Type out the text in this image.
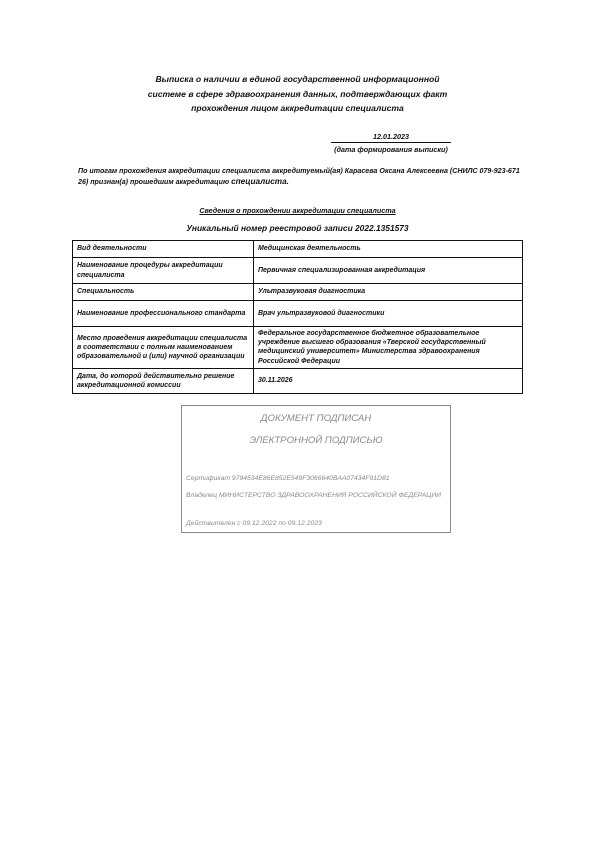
Выписка о наличии в единой государственной информационной
системе в сфере здравоохранения данных, подтверждающих факт
прохождения лицом аккредитации специалиста
12.01.2023
(дата формирования выписки)
По итогам прохождения аккредитации специалиста аккредитуемый(ая) Карасева Оксана Алексеевна (СНИЛС 079-923-671 26) признан(а) прошедшим аккредитацию специалиста.
Сведения о прохождении аккредитации специалиста
Уникальный номер реестровой записи 2022.1351573
Вид деятельности	Медицинская деятельность
Наименование процедуры аккредитации специалиста	Первичная специализированная аккредитация
Специальность	Ультразвуковая диагностика
Наименование профессионального стандарта	Врач ультразвуковой диагностики
Место проведения аккредитации специалиста в соответствии с полным наименованием образовательной и (или) научной организации	Федеральное государственное бюджетное образовательное учреждение высшего образования «Тверской государственный медицинский университет» Министерства здравоохранения Российской Федерации
Дата, до которой действительно решение аккредитационной комиссии	30.11.2026
ДОКУМЕНТ ПОДПИСАН
ЭЛЕКТРОННОЙ ПОДПИСЬЮ
Сертификат 9794534E86E852E549F3066640BAA07434F91D81
Владелец МИНИСТЕРСТВО ЗДРАВООХРАНЕНИЯ РОССИЙСКОЙ ФЕДЕРАЦИИ
Действителен с 09.12.2022 по 09.12.2023
